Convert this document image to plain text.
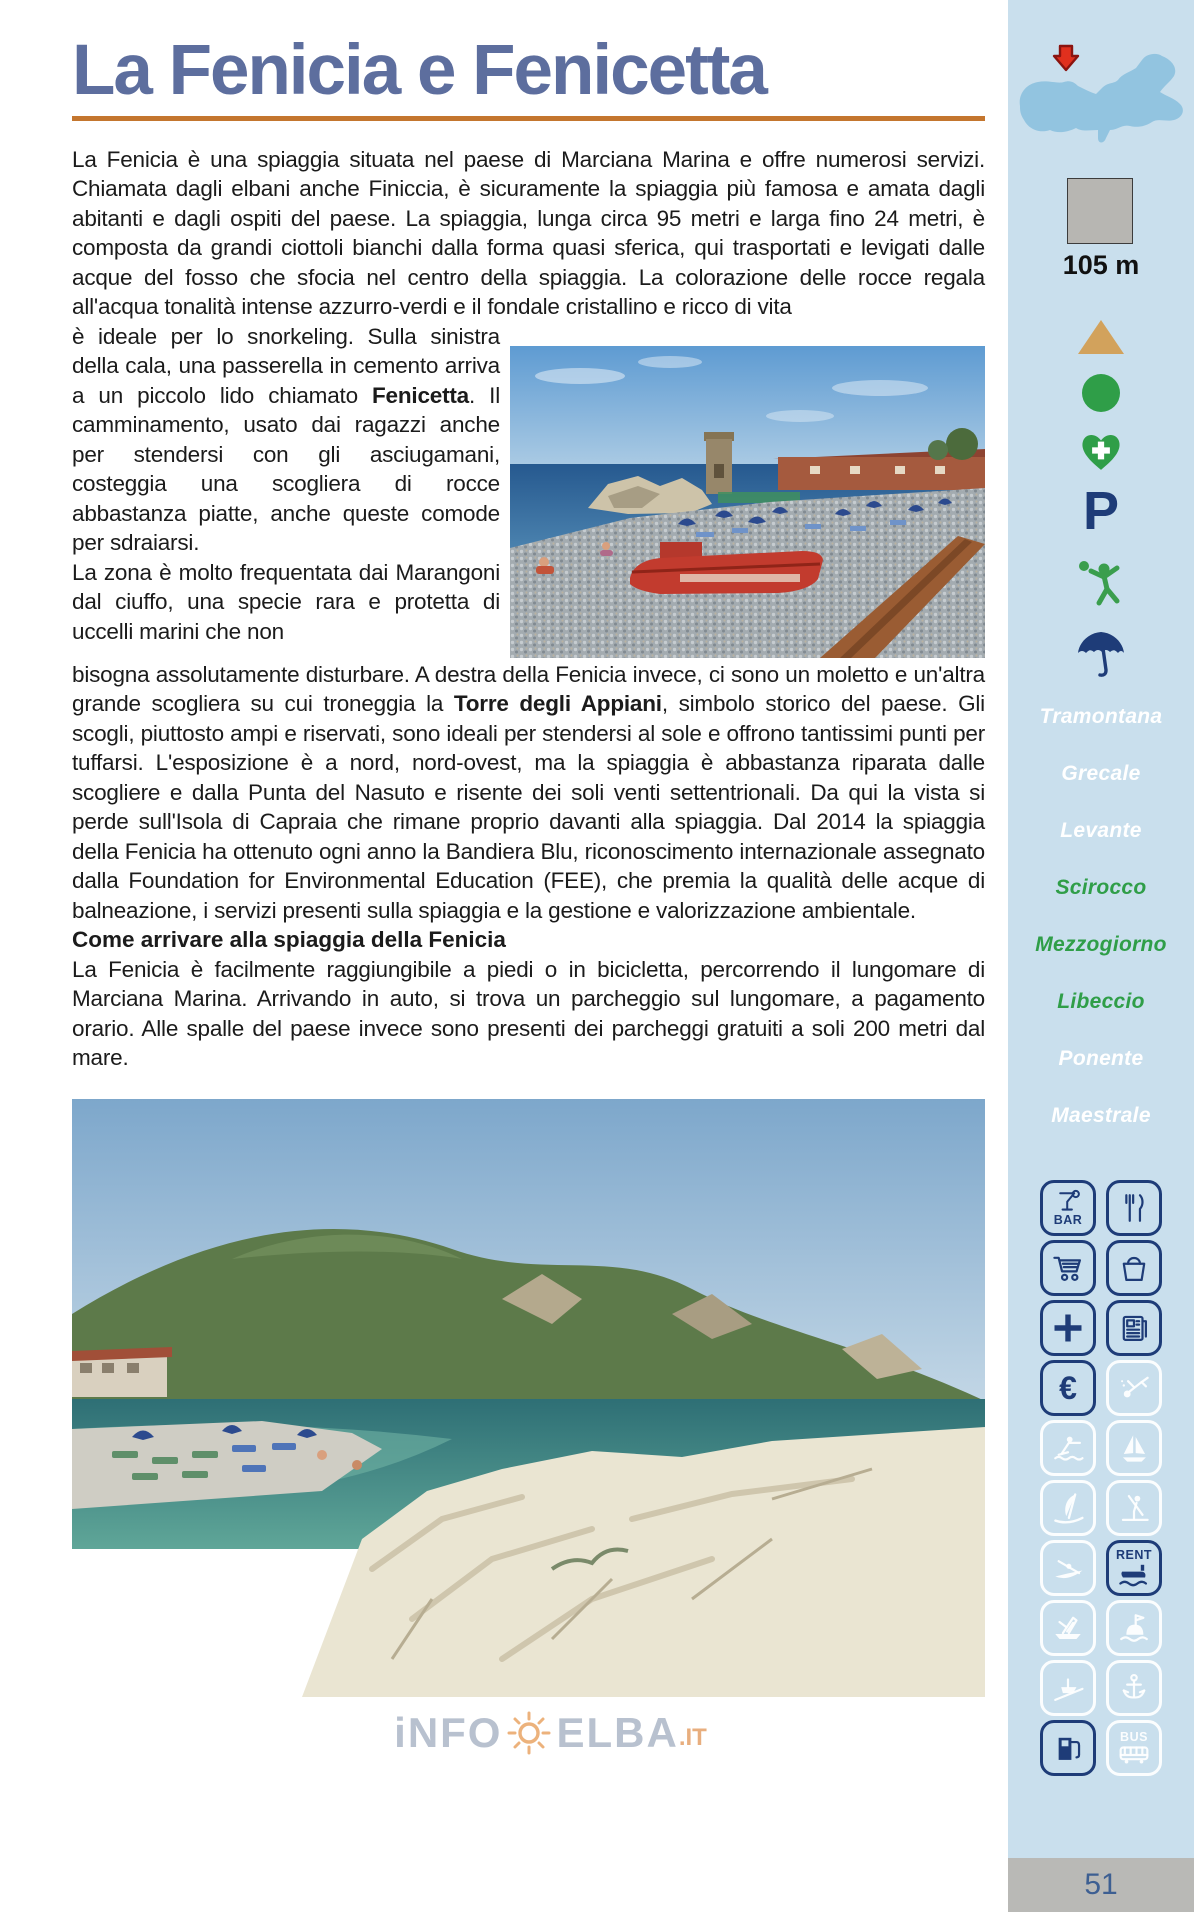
La Fenicia e Fenicetta

La Fenicia è una spiaggia situata nel paese di Marciana Marina e offre numerosi servizi. Chiamata dagli elbani anche Finiccia, è sicuramente la spiaggia più famosa e amata dagli abitanti e dagli ospiti del paese. La spiaggia, lunga circa 95 metri e larga fino 24 metri, è composta da grandi ciottoli bianchi dalla forma quasi sferica, qui trasportati e levigati dalle acque del fosso che sfocia nel centro della spiaggia. La colorazione delle rocce regala all'acqua tonalità intense azzurro-verdi e il fondale cristallino e ricco di vita

è ideale per lo snorkeling. Sulla sinistra della cala, una passerella in cemento arriva a un piccolo lido chiamato Fenicetta. Il camminamento, usato dai ragazzi anche per stendersi con gli asciugamani, costeggia una scogliera di rocce abbastanza piatte, anche queste comode per sdraiarsi.

La zona è molto frequentata dai Marangoni dal ciuffo, una specie rara e protetta di uccelli marini che non

bisogna assolutamente disturbare. A destra della Fenicia invece, ci sono un moletto e un'altra grande scogliera su cui troneggia la Torre degli Appiani, simbolo storico del paese. Gli scogli, piuttosto ampi e riservati, sono ideali per stendersi al sole e offrono tantissimi punti per tuffarsi. L'esposizione è a nord, nord-ovest, ma la spiaggia è abbastanza riparata dalle scogliere e dalla Punta del Nasuto e risente dei soli venti settentrionali. Da qui la vista si perde sull'Isola di Capraia che rimane proprio davanti alla spiaggia. Dal 2014 la spiaggia della Fenicia ha ottenuto ogni anno la Bandiera Blu, riconoscimento internazionale assegnato dalla Foundation for Environmental Education (FEE), che premia la qualità delle acque di balneazione, i servizi presenti sulla spiaggia e la gestione e valorizzazione ambientale.

Come arrivare alla spiaggia della Fenicia

La Fenicia è facilmente raggiungibile a piedi o in bicicletta, percorrendo il lungomare di Marciana Marina. Arrivando in auto, si trova un parcheggio sul lungomare, a pagamento orario. Alle spalle del paese invece sono presenti dei parcheggi gratuiti a soli 200 metri dal mare.

iNFO ELBA .IT
105 m
P
Tramontana
Grecale
Levante
Scirocco
Mezzogiorno
Libeccio
Ponente
Maestrale
BAR
€
RENT
BUS
51
